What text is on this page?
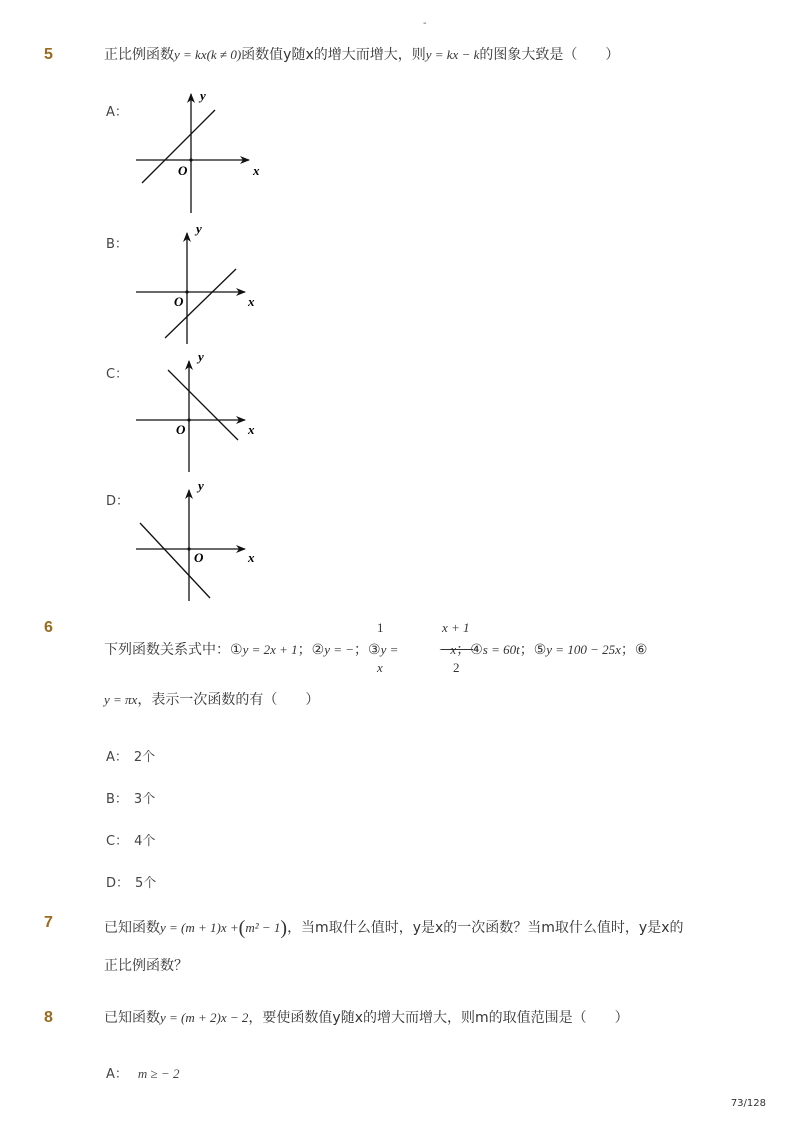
-
5	正比例函数y = kx(k ≠ 0)函数值y随x的增大而增大，则y = kx − k的图象大致是（　　）
A：
O	x
y
B：
O	x
y
C：
O	x
y
D：
O	x
y
6	1
x
x + 1
2
下列函数关系式中：①y = 2x + 1；②y = −；③y =	− x；④s = 60t；⑤y = 100 − 25x；⑥
y = πx，表示一次函数的有（　　）
A： 2个
B： 3个
C： 4个
D： 5个
7	已知函数y = (m + 1)x +(m² − 1)，当m取什么值时，y是x的一次函数？当m取什么值时，y是x的
正比例函数？
8	已知函数y = (m + 2)x − 2，要使函数值y随x的增大而增大，则m的取值范围是（　　）
A： m ≥ − 2
73/128
